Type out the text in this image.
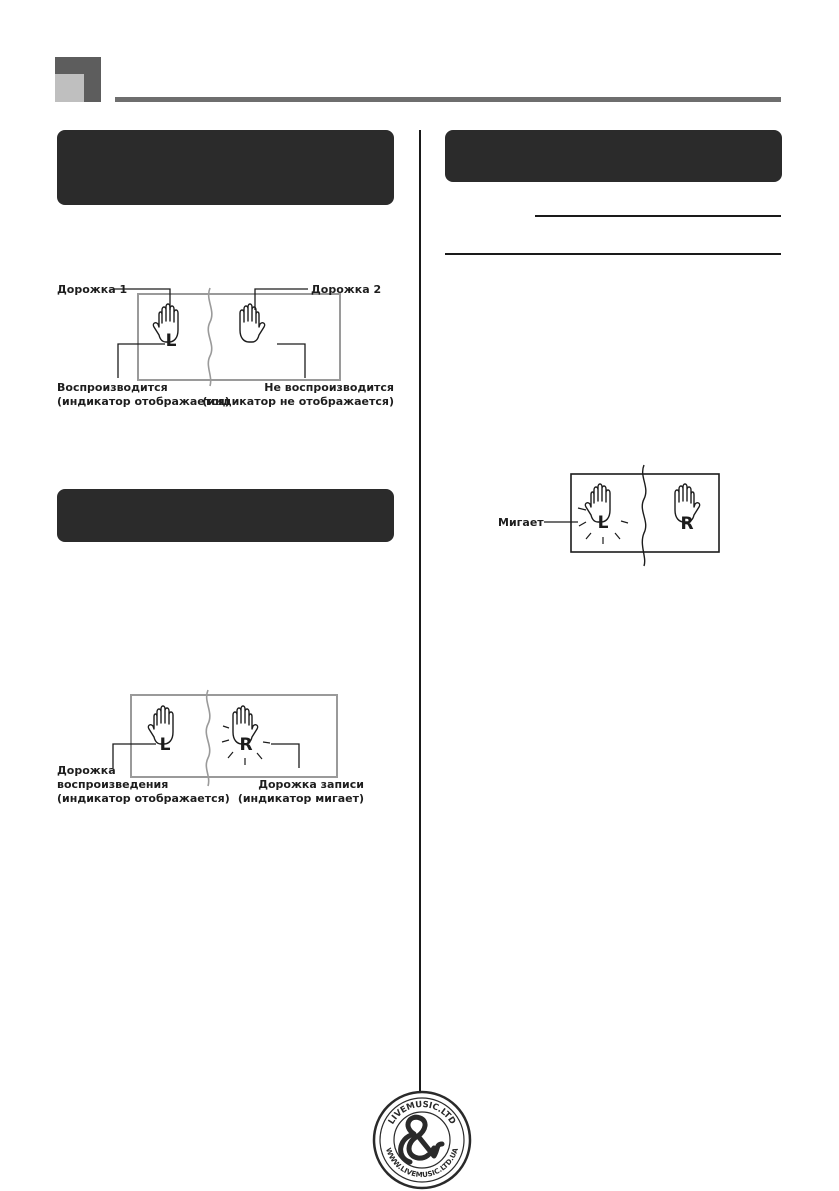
L
Дорожка 1	Дорожка 2
Воспроизводится
(индикатор отображается)
Не воспроизводится
(индикатор не отображается)
L	R
Дорожка
воспроизведения
(индикатор отображается)
Дорожка записи
(индикатор мигает)
L	R
Мигает
LIVEMUSIC.LTD
WWW.LIVEMUSIC.LTD.UA
